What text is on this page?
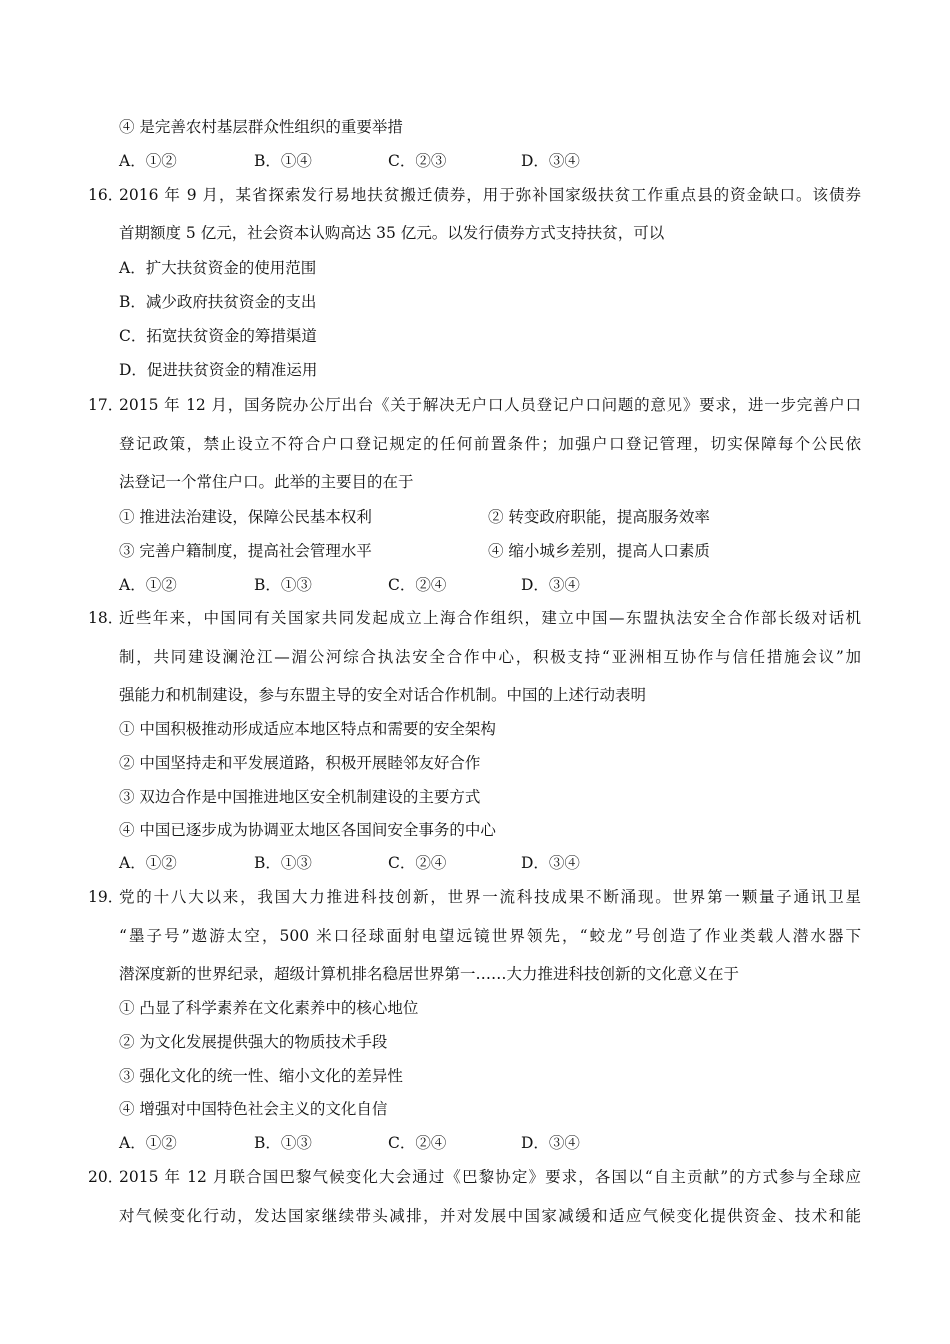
④ 是完善农村基层群众性组织的重要举措
A．①②	B．①④	C．②③	D．③④
16．
2016 年 9 月，某省探索发行易地扶贫搬迁债券，用于弥补国家级扶贫工作重点县的资金缺口。该债券
首期额度 5 亿元，社会资本认购高达 35 亿元。以发行债券方式支持扶贫，可以
A．扩大扶贫资金的使用范围
B．减少政府扶贫资金的支出
C．拓宽扶贫资金的筹措渠道
D．促进扶贫资金的精准运用
17．
2015 年 12 月，国务院办公厅出台《关于解决无户口人员登记户口问题的意见》要求，进一步完善户口
登记政策，禁止设立不符合户口登记规定的任何前置条件；加强户口登记管理，切实保障每个公民依
法登记一个常住户口。此举的主要目的在于
① 推进法治建设，保障公民基本权利	② 转变政府职能，提高服务效率
③ 完善户籍制度，提高社会管理水平	④ 缩小城乡差别，提高人口素质
A．①②	B．①③	C．②④	D．③④
18．
近些年来，中国同有关国家共同发起成立上海合作组织，建立中国—东盟执法安全合作部长级对话机
制，共同建设澜沧江—湄公河综合执法安全合作中心，积极支持“亚洲相互协作与信任措施会议”加
强能力和机制建设，参与东盟主导的安全对话合作机制。中国的上述行动表明
① 中国积极推动形成适应本地区特点和需要的安全架构
② 中国坚持走和平发展道路，积极开展睦邻友好合作
③ 双边合作是中国推进地区安全机制建设的主要方式
④ 中国已逐步成为协调亚太地区各国间安全事务的中心
A．①②	B．①③	C．②④	D．③④
19．
党的十八大以来，我国大力推进科技创新，世界一流科技成果不断涌现。世界第一颗量子通讯卫星
“墨子号”遨游太空，500 米口径球面射电望远镜世界领先，“蛟龙”号创造了作业类载人潜水器下
潜深度新的世界纪录，超级计算机排名稳居世界第一……大力推进科技创新的文化意义在于
① 凸显了科学素养在文化素养中的核心地位
② 为文化发展提供强大的物质技术手段
③ 强化文化的统一性、缩小文化的差异性
④ 增强对中国特色社会主义的文化自信
A．①②	B．①③	C．②④	D．③④
20．
2015 年 12 月联合国巴黎气候变化大会通过《巴黎协定》要求，各国以“自主贡献”的方式参与全球应
对气候变化行动，发达国家继续带头减排，并对发展中国家减缓和适应气候变化提供资金、技术和能
